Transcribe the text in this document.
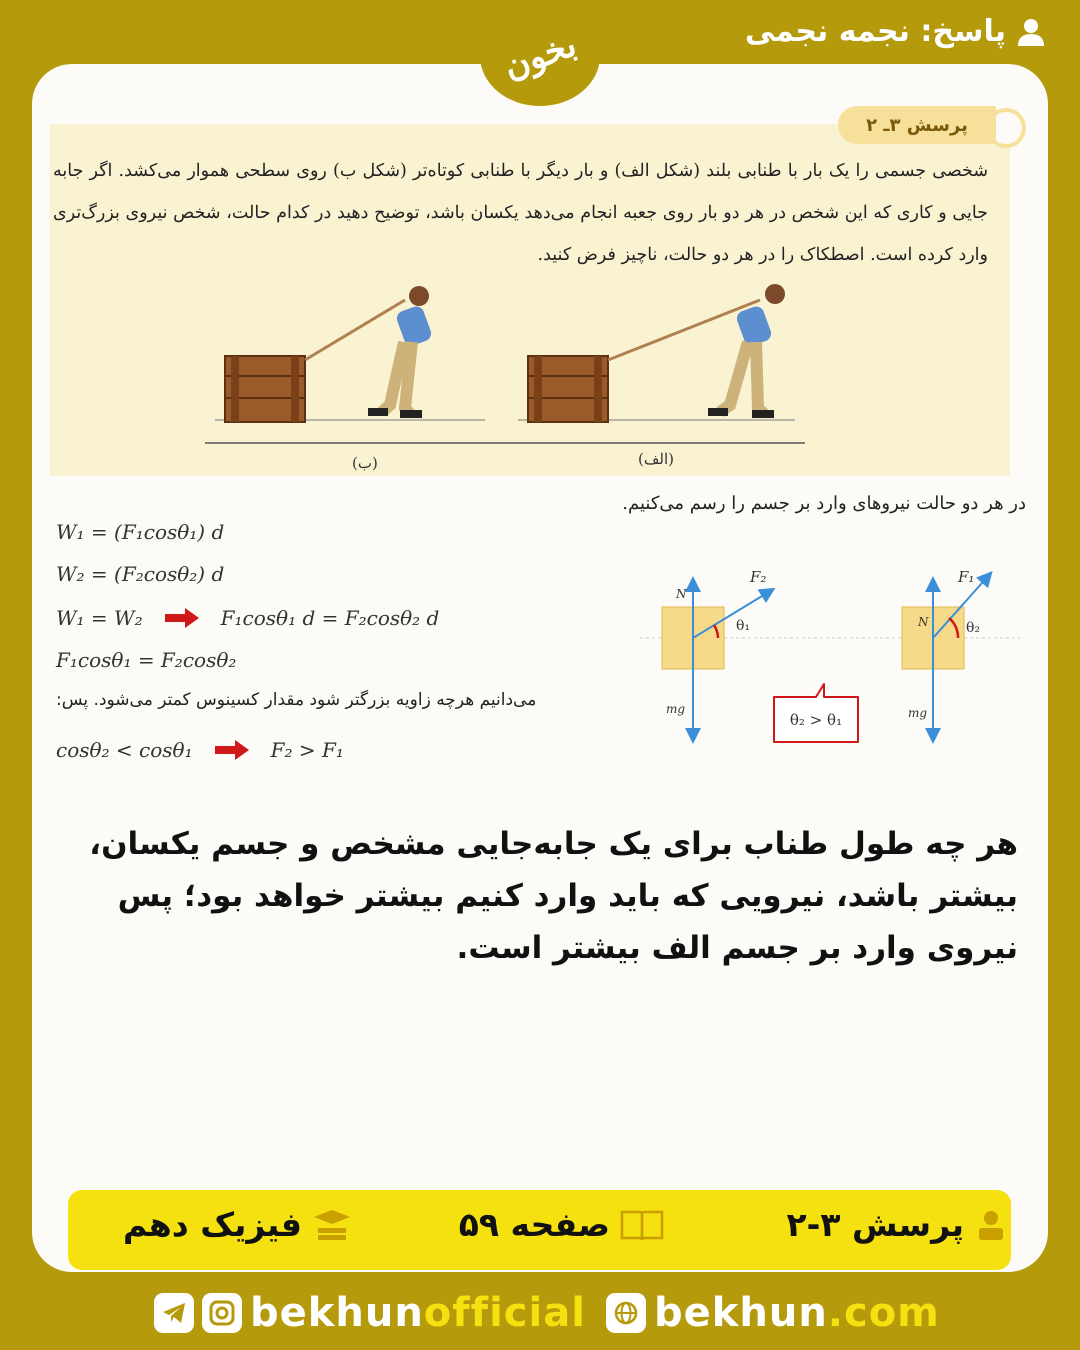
پاسخ: نجمه نجمی
بخون
پرسش ۳ـ ۲
شخصی جسمی را یک بار با طنابی بلند (شکل الف) و بار دیگر با طنابی کوتاه‌تر (شکل ب) روی سطحی هموار می‌کشد. اگر جابه جایی و کاری که این شخص در هر دو بار روی جعبه انجام می‌دهد یکسان باشد، توضیح دهید در کدام حالت، شخص نیروی بزرگ‌تری وارد کرده است. اصطکاک را در هر دو حالت، ناچیز فرض کنید.
(ب)	(الف)
در هر دو حالت نیروهای وارد بر جسم را رسم می‌کنیم.
W₁ = (F₁cosθ₁) d
W₂ = (F₂cosθ₂) d
W₁ = W₂	F₁cosθ₁ d = F₂cosθ₂ d
F₁cosθ₁ = F₂cosθ₂
می‌دانیم هرچه زاویه بزرگتر شود مقدار کسینوس کمتر می‌شود. پس:
cosθ₂ < cosθ₁	F₂ > F₁
N
mg
F₂
θ₁	N
mg
F₁
θ₂
θ₂ > θ₁
هر چه طول طناب برای یک جابه‌جایی مشخص و جسم یکسان، بیشتر باشد، نیرویی که باید وارد کنیم بیشتر خواهد بود؛ پس نیروی وارد بر جسم الف بیشتر است.
پرسش ۳-۲
صفحه ۵۹
فیزیک دهم
bekhunofficial bekhun.com
